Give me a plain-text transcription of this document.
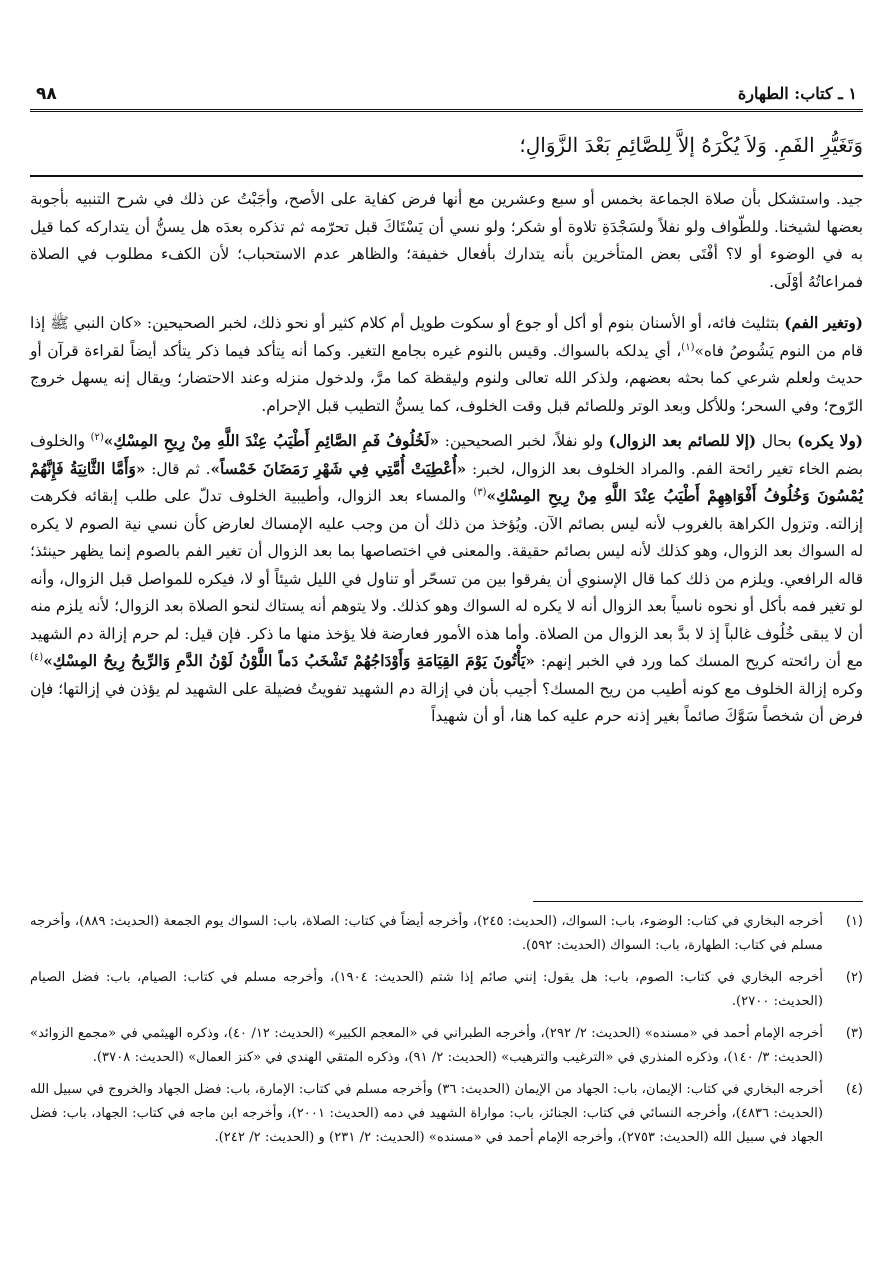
١ ـ كتاب: الطهارة
٩٨
وَتَغَيُّرِ الفَمِ. وَلاَ يُكْرَهُ إلاَّ لِلصَّائِمِ بَعْدَ الزَّوَالِ؛

جيد. واستشكل بأن صلاة الجماعة بخمس أو سبع وعشرين مع أنها فرض كفاية على الأصح، وأجَبْتُ عن ذلك في شرح التنبيه بأجوبة بعضها لشيخنا. وللطّواف ولو نفلاً ولسَجْدَةِ تلاوة أو شكر؛ ولو نسي أن يَسْتَاكَ قبل تحرّمه ثم تذكره بعدَه هل يسنُّ أن يتداركه كما قيل به في الوضوء أو لا؟ أفْتَى بعض المتأخرين بأنه يتدارك بأفعال خفيفة؛ والظاهر عدم الاستحباب؛ لأن الكفء مطلوب في الصلاة فمراعاتُهُ أوْلَى.

(وتغير الفم) بتثليث فائه، أو الأسنان بنوم أو أكل أو جوع أو سكوت طويل أم كلام كثير أو نحو ذلك، لخبر الصحيحين: «كان النبي ﷺ إذا قام من النوم يَشُوصُ فاه»$^{(١)}$، أي يدلكه بالسواك. وقيس بالنوم غيره بجامع التغير. وكما أنه يتأكد فيما ذكر يتأكد أيضاً لقراءة قرآن أو حديث ولعلم شرعي كما بحثه بعضهم، ولذكر الله تعالى ولنوم وليقظة كما مرَّ، ولدخول منزله وعند الاحتضار؛ ويقال إنه يسهل خروج الرّوح؛ وفي السحر؛ وللأكل وبعد الوتر وللصائم قبل وقت الخلوف، كما يسنُّ التطيب قبل الإحرام.

(ولا يكره) بحال (إلا للصائم بعد الزوال) ولو نفلاً، لخبر الصحيحين: «لَخُلُوفُ فَمِ الصَّائِمِ أَطْيَبُ عِنْدَ اللَّهِ مِنْ رِيحِ المِسْكِ»$^{(٢)}$ والخلوف بضم الخاء تغير رائحة الفم. والمراد الخلوف بعد الزوال، لخبر: «أُعْطِيَتْ أُمَّتِي فِي شَهْرِ رَمَضَانَ خَمْساً». ثم قال: «وَأَمَّا الثَّانِيَةُ فَإِنَّهُمْ يُمْسُونَ وَخُلُوفُ أَفْوَاهِهِمْ أَطْيَبُ عِنْدَ اللَّهِ مِنْ رِيحِ المِسْكِ»$^{(٣)}$ والمساء بعد الزوال، وأطيبية الخلوف تدلّ على طلب إبقائه فكرهت إزالته. وتزول الكراهة بالغروب لأنه ليس بصائم الآن. ويُؤخذ من ذلك أن من وجب عليه الإمساك لعارض كأن نسي نية الصوم لا يكره له السواك بعد الزوال، وهو كذلك لأنه ليس بصائم حقيقة. والمعنى في اختصاصها بما بعد الزوال أن تغير الفم بالصوم إنما يظهر حينئذ؛ قاله الرافعي. ويلزم من ذلك كما قال الإسنوي أن يفرقوا بين من تسحّر أو تناول في الليل شيئاً أو لا، فيكره للمواصل قبل الزوال، وأنه لو تغير فمه بأكل أو نحوه ناسياً بعد الزوال أنه لا يكره له السواك وهو كذلك. ولا يتوهم أنه يستاك لنحو الصلاة بعد الزوال؛ لأنه يلزم منه أن لا يبقى خُلُوف غالباً إذ لا بدَّ بعد الزوال من الصلاة. وأما هذه الأمور فعارضة فلا يؤخذ منها ما ذكر. فإن قيل: لم حرم إزالة دم الشهيد مع أن رائحته كريح المسك كما ورد في الخبر إنهم: «يَأْتُونَ يَوْمَ القِيَامَةِ وَأَوْدَاجُهُمْ تَشْخَبُ دَماً اللَّوْنُ لَوْنُ الدَّمِ وَالرِّيحُ رِيحُ المِسْكِ»$^{(٤)}$ وكره إزالة الخلوف مع كونه أطيب من ريح المسك؟ أجيب بأن في إزالة دم الشهيد تفويتُ فضيلة على الشهيد لم يؤذن في إزالتها؛ فإن فرض أن شخصاً سَوَّكَ صائماً بغير إذنه حرم عليه كما هنا، أو أن شهيداً

(١)
أخرجه البخاري في كتاب: الوضوء، باب: السواك، (الحديث: ٢٤٥)، وأخرجه أيضاً في كتاب: الصلاة، باب: السواك يوم الجمعة (الحديث: ٨٨٩)، وأخرجه مسلم في كتاب: الطهارة، باب: السواك (الحديث: ٥٩٢).
(٢)
أخرجه البخاري في كتاب: الصوم، باب: هل يقول: إنني صائم إذا شتم (الحديث: ١٩٠٤)، وأخرجه مسلم في كتاب: الصيام، باب: فضل الصيام (الحديث: ٢٧٠٠).
(٣)
أخرجه الإمام أحمد في «مسنده» (الحديث: ٢/ ٢٩٢)، وأخرجه الطبراني في «المعجم الكبير» (الحديث: ١٢/ ٤٠)، وذكره الهيثمي في «مجمع الزوائد» (الحديث: ٣/ ١٤٠)، وذكره المنذري في «الترغيب والترهيب» (الحديث: ٢/ ٩١)، وذكره المتقي الهندي في «كنز العمال» (الحديث: ٣٧٠٨).
(٤)
أخرجه البخاري في كتاب: الإيمان، باب: الجهاد من الإيمان (الحديث: ٣٦) وأخرجه مسلم في كتاب: الإمارة، باب: فضل الجهاد والخروج في سبيل الله (الحديث: ٤٨٣٦)، وأخرجه النسائي في كتاب: الجنائز، باب: مواراة الشهيد في دمه (الحديث: ٢٠٠١)، وأخرجه ابن ماجه في كتاب: الجهاد، باب: فضل الجهاد في سبيل الله (الحديث: ٢٧٥٣)، وأخرجه الإمام أحمد في «مسنده» (الحديث: ٢/ ٢٣١) و (الحديث: ٢/ ٢٤٢).
